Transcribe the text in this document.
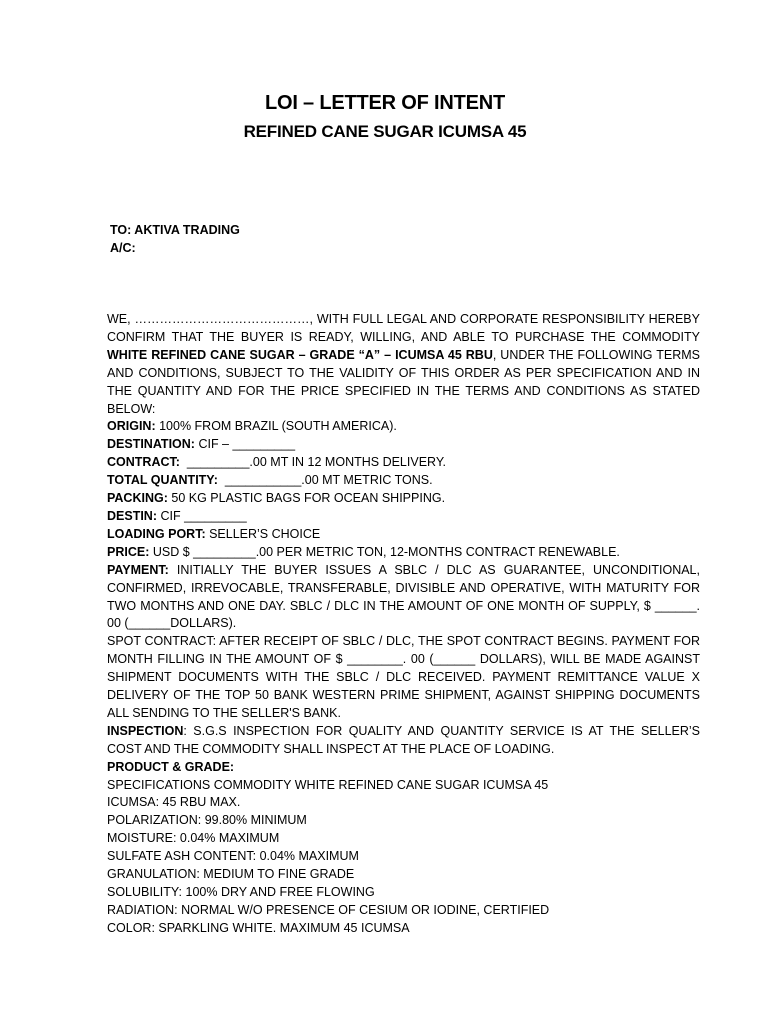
LOI – LETTER OF INTENT
REFINED CANE SUGAR ICUMSA 45
TO: AKTIVA TRADING
A/C:
WE, ……………………………………, WITH FULL LEGAL AND CORPORATE RESPONSIBILITY HEREBY CONFIRM THAT THE BUYER IS READY, WILLING, AND ABLE TO PURCHASE THE COMMODITY WHITE REFINED CANE SUGAR – GRADE “A” – ICUMSA 45 RBU, UNDER THE FOLLOWING TERMS AND CONDITIONS, SUBJECT TO THE VALIDITY OF THIS ORDER AS PER SPECIFICATION AND IN THE QUANTITY AND FOR THE PRICE SPECIFIED IN THE TERMS AND CONDITIONS AS STATED BELOW:
ORIGIN: 100% FROM BRAZIL (SOUTH AMERICA).
DESTINATION: CIF – _________
CONTRACT:  _________.00 MT IN 12 MONTHS DELIVERY.
TOTAL QUANTITY:  ___________.00 MT METRIC TONS.
PACKING: 50 KG PLASTIC BAGS FOR OCEAN SHIPPING.
DESTIN: CIF _________
LOADING PORT: SELLER’S CHOICE
PRICE: USD $ _________.00 PER METRIC TON, 12-MONTHS CONTRACT RENEWABLE.
PAYMENT: INITIALLY THE BUYER ISSUES A SBLC / DLC AS GUARANTEE, UNCONDITIONAL, CONFIRMED, IRREVOCABLE, TRANSFERABLE, DIVISIBLE AND OPERATIVE, WITH MATURITY FOR TWO MONTHS AND ONE DAY. SBLC / DLC IN THE AMOUNT OF ONE MONTH OF SUPPLY, $ ______. 00 (______DOLLARS).
SPOT CONTRACT: AFTER RECEIPT OF SBLC / DLC, THE SPOT CONTRACT BEGINS. PAYMENT FOR MONTH FILLING IN THE AMOUNT OF $ ________. 00 (______ DOLLARS), WILL BE MADE AGAINST SHIPMENT DOCUMENTS WITH THE SBLC / DLC RECEIVED. PAYMENT REMITTANCE VALUE X DELIVERY OF THE TOP 50 BANK WESTERN PRIME SHIPMENT, AGAINST SHIPPING DOCUMENTS ALL SENDING TO THE SELLER'S BANK.
INSPECTION: S.G.S INSPECTION FOR QUALITY AND QUANTITY SERVICE IS AT THE SELLER’S COST AND THE COMMODITY SHALL INSPECT AT THE PLACE OF LOADING.
PRODUCT & GRADE:
SPECIFICATIONS COMMODITY WHITE REFINED CANE SUGAR ICUMSA 45
ICUMSA: 45 RBU MAX.
POLARIZATION: 99.80% MINIMUM
MOISTURE: 0.04% MAXIMUM
SULFATE ASH CONTENT: 0.04% MAXIMUM
GRANULATION: MEDIUM TO FINE GRADE
SOLUBILITY: 100% DRY AND FREE FLOWING
RADIATION: NORMAL W/O PRESENCE OF CESIUM OR IODINE, CERTIFIED
COLOR: SPARKLING WHITE. MAXIMUM 45 ICUMSA
